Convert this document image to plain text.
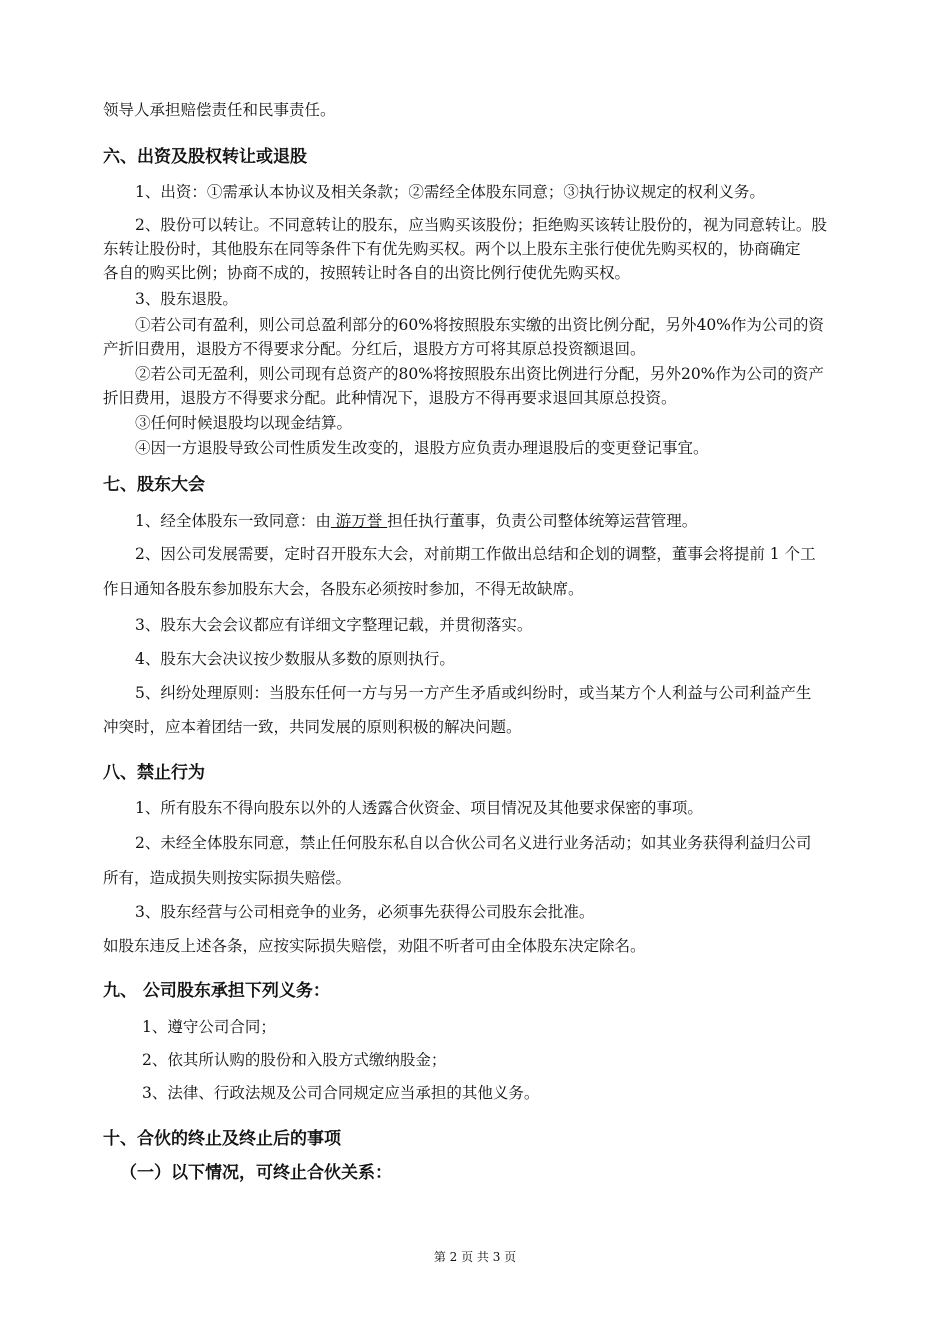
领导人承担赔偿责任和民事责任。
六、出资及股权转让或退股
1、出资：①需承认本协议及相关条款；②需经全体股东同意；③执行协议规定的权利义务。
2、股份可以转让。不同意转让的股东，应当购买该股份；拒绝购买该转让股份的，视为同意转让。股
东转让股份时，其他股东在同等条件下有优先购买权。两个以上股东主张行使优先购买权的，协商确定
各自的购买比例；协商不成的，按照转让时各自的出资比例行使优先购买权。
3、股东退股。
①若公司有盈利，则公司总盈利部分的60%将按照股东实缴的出资比例分配，另外40%作为公司的资
产折旧费用，退股方不得要求分配。分红后，退股方方可将其原总投资额退回。
②若公司无盈利，则公司现有总资产的80%将按照股东出资比例进行分配，另外20%作为公司的资产
折旧费用，退股方不得要求分配。此种情况下，退股方不得再要求退回其原总投资。
③任何时候退股均以现金结算。
④因一方退股导致公司性质发生改变的，退股方应负责办理退股后的变更登记事宜。
七、股东大会
1、经全体股东一致同意：由 游万誉 担任执行董事，负责公司整体统筹运营管理。
2、因公司发展需要，定时召开股东大会，对前期工作做出总结和企划的调整，董事会将提前 1 个工
作日通知各股东参加股东大会，各股东必须按时参加，不得无故缺席。
3、股东大会会议都应有详细文字整理记载，并贯彻落实。
4、股东大会决议按少数服从多数的原则执行。
5、纠纷处理原则：当股东任何一方与另一方产生矛盾或纠纷时，或当某方个人利益与公司利益产生
冲突时，应本着团结一致，共同发展的原则积极的解决问题。
八、禁止行为
1、所有股东不得向股东以外的人透露合伙资金、项目情况及其他要求保密的事项。
2、未经全体股东同意，禁止任何股东私自以合伙公司名义进行业务活动；如其业务获得利益归公司
所有，造成损失则按实际损失赔偿。
3、股东经营与公司相竞争的业务，必须事先获得公司股东会批准。
如股东违反上述各条，应按实际损失赔偿，劝阻不听者可由全体股东决定除名。
九、 公司股东承担下列义务：
1、遵守公司合同；
2、依其所认购的股份和入股方式缴纳股金；
3、法律、行政法规及公司合同规定应当承担的其他义务。
十、合伙的终止及终止后的事项
（一）以下情况，可终止合伙关系：
第 2 页 共 3 页
